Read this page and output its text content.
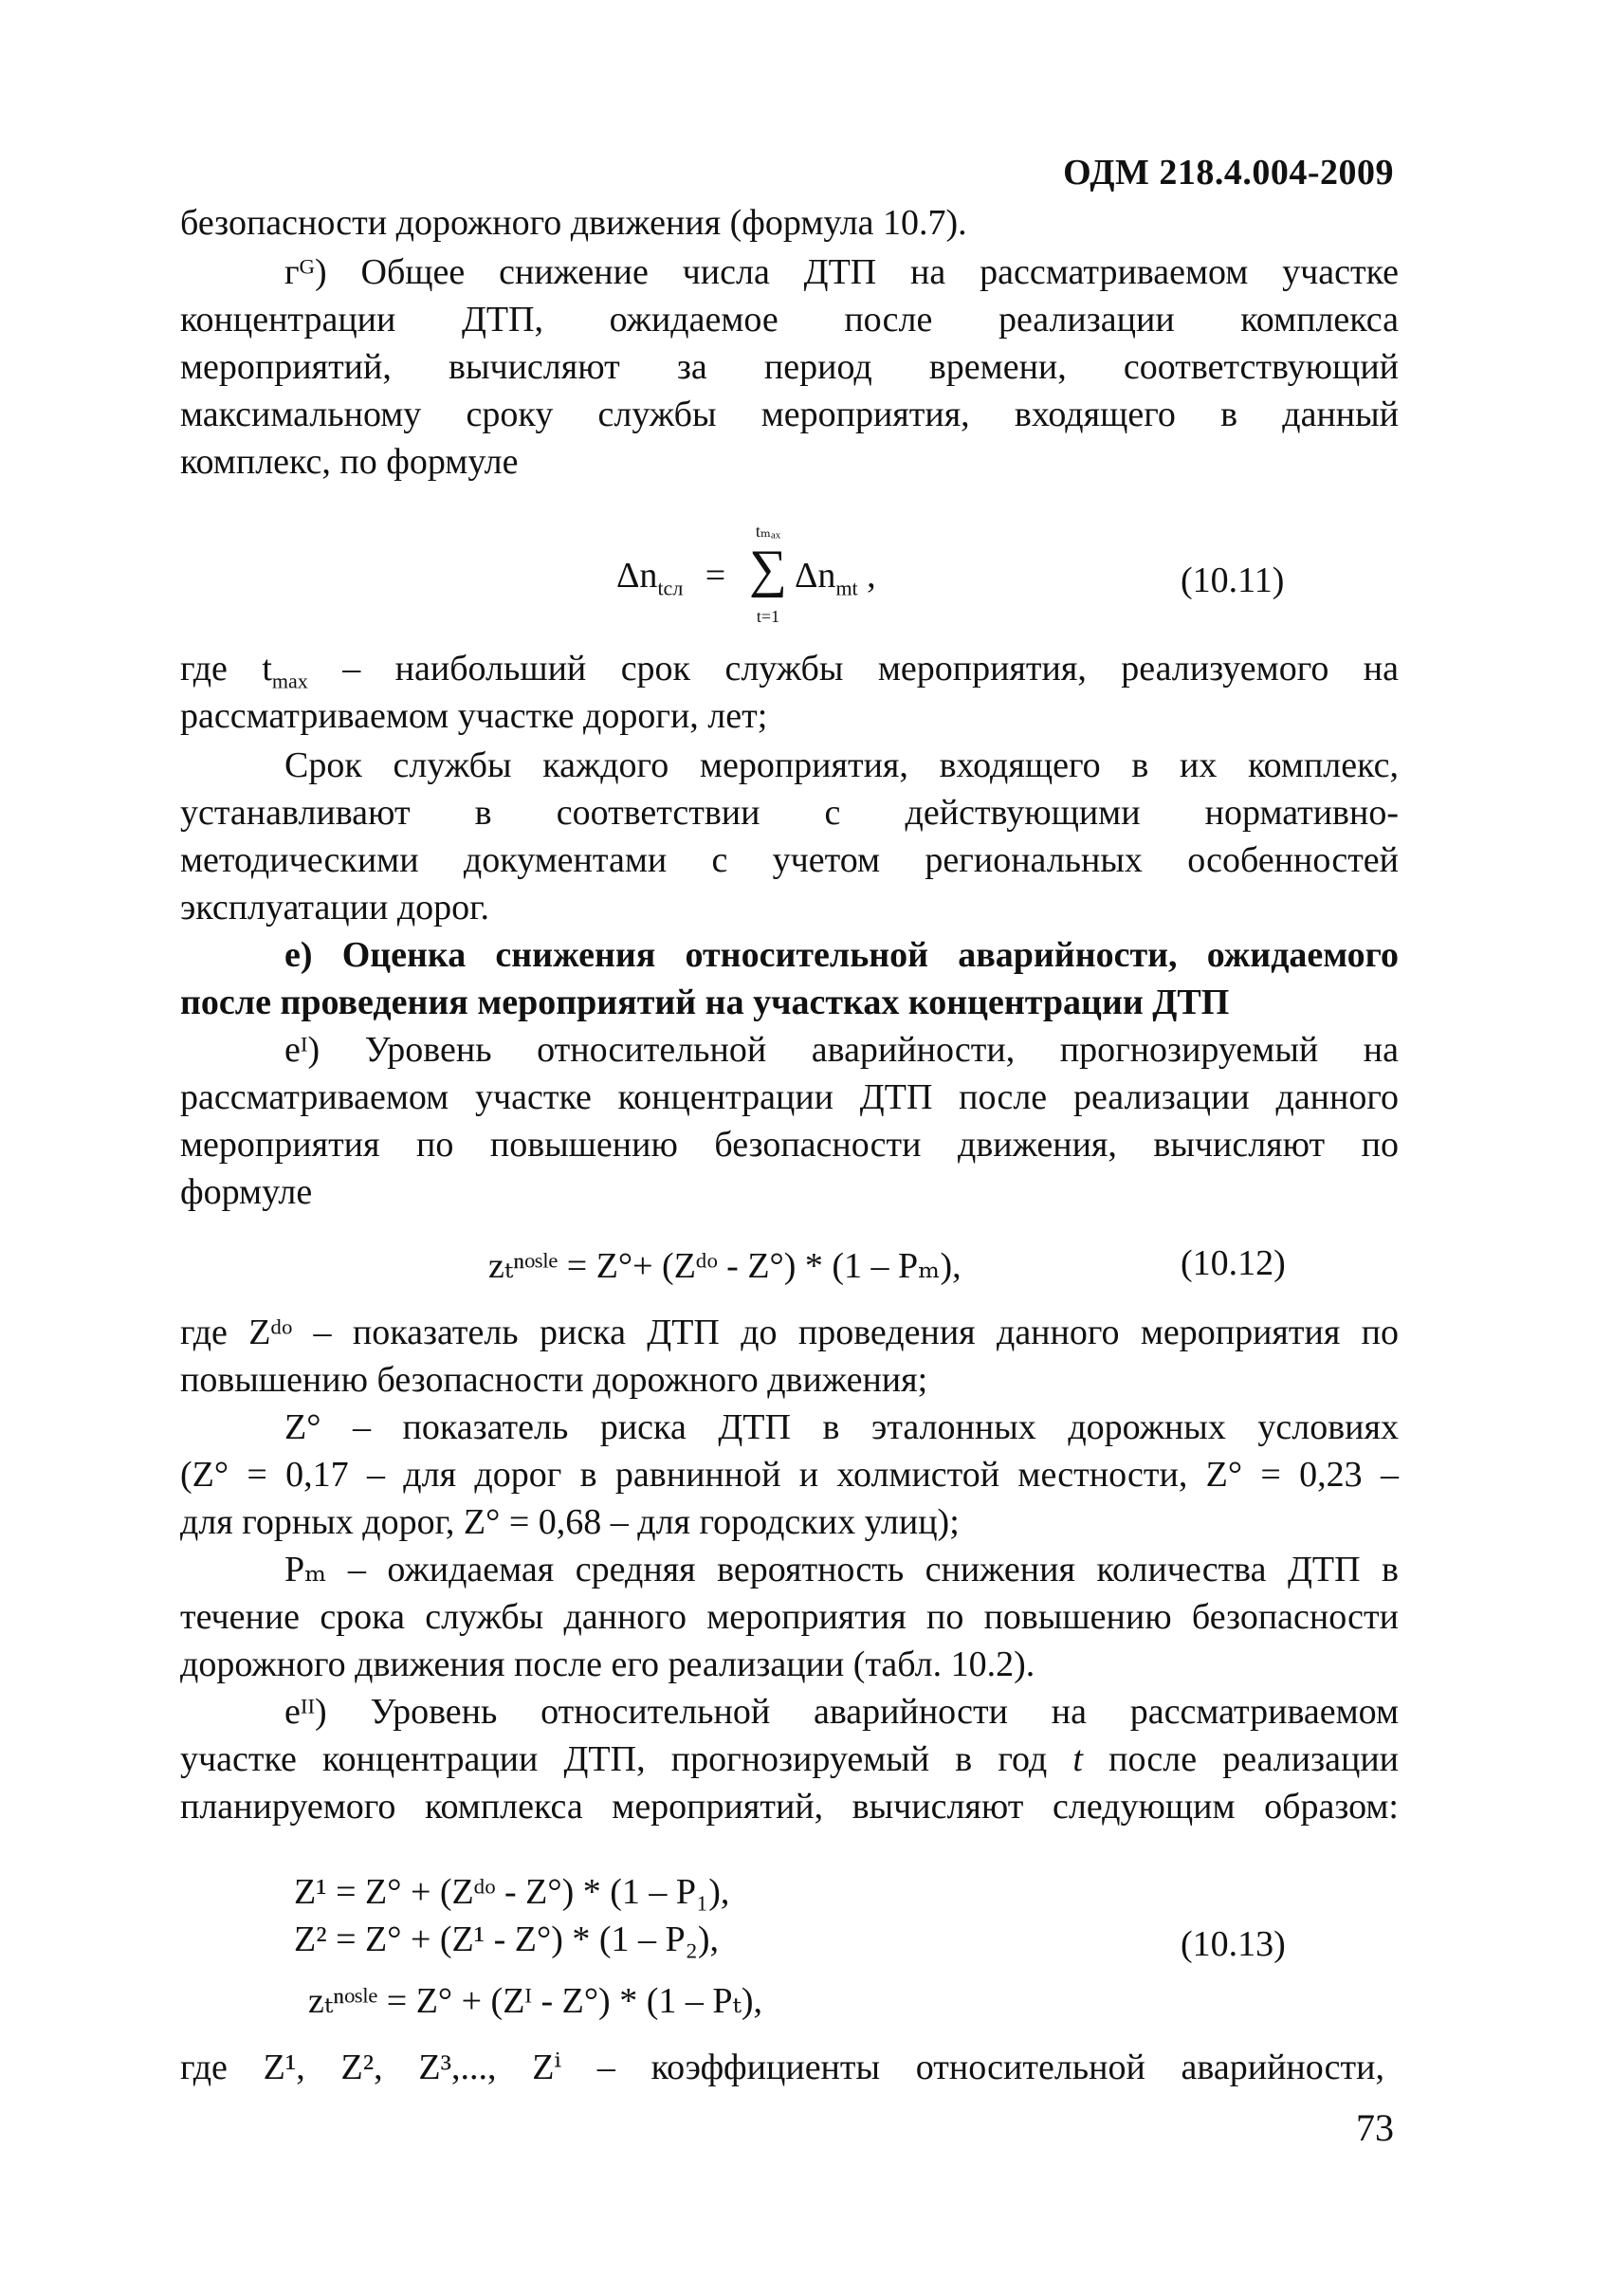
ОДМ 218.4.004-2009
безопасности дорожного движения (формула 10.7).
гᴳ) Общее снижение числа ДТП на рассматриваемом участке
концентрации ДТП, ожидаемое после реализации комплекса
мероприятий, вычисляют за период времени, соответствующий
максимальному сроку службы мероприятия, входящего в данный
комплекс, по формуле
$\Delta n_{tсл}$ =
tₘₐₓ
∑
t=1
$\Delta n_{mt}$ ,	(10.11)
где $t_{max}$ – наибольший срок службы мероприятия, реализуемого на
рассматриваемом участке дороги, лет;
Срок службы каждого мероприятия, входящего в их комплекс,
устанавливают в соответствии с действующими нормативно-
методическими документами с учетом региональных особенностей
эксплуатации дорог.
е) Оценка снижения относительной аварийности, ожидаемого
после проведения мероприятий на участках концентрации ДТП
еᴵ) Уровень относительной аварийности, прогнозируемый на
рассматриваемом участке концентрации ДТП после реализации данного
мероприятия по повышению безопасности движения, вычисляют по
формуле
zₜⁿᵒˢˡᵉ = Z°+ (Zᵈᵒ - Z°) * (1 – Pₘ),	(10.12)
где Zᵈᵒ – показатель риска ДТП до проведения данного мероприятия по
повышению безопасности дорожного движения;
Z° – показатель риска ДТП в эталонных дорожных условиях
(Z° = 0,17 – для дорог в равнинной и холмистой местности, Z° = 0,23 –
для горных дорог, Z° = 0,68 – для городских улиц);
Pₘ – ожидаемая средняя вероятность снижения количества ДТП в
течение срока службы данного мероприятия по повышению безопасности
дорожного движения после его реализации (табл. 10.2).
еᴵᴵ) Уровень относительной аварийности на рассматриваемом
участке концентрации ДТП, прогнозируемый в год t после реализации
планируемого комплекса мероприятий, вычисляют следующим образом:
Z¹ = Z° + (Zᵈᵒ - Z°) * (1 – P₁),
Z² = Z° + (Z¹ - Z°) * (1 – P₂),	(10.13)
zₜⁿᵒˢˡᵉ = Z° + (Zᴵ - Z°) * (1 – Pₜ),
где Z¹, Z², Z³,..., Zⁱ – коэффициенты относительной аварийности,
73
